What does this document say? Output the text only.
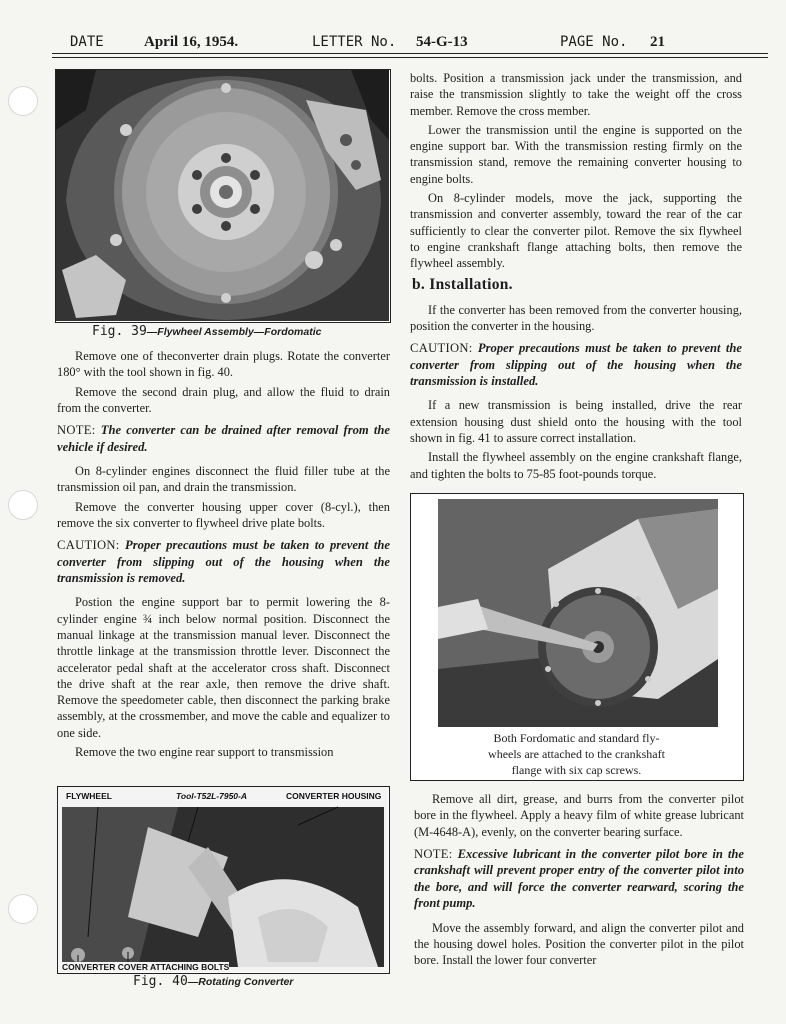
DATE	April 16, 1954.	LETTER No. 54-G-13	PAGE No. 21
Fig. 39—Flywheel Assembly—Fordomatic

Remove one of theconverter drain plugs. Rotate the converter 180° with the tool shown in fig. 40.

Remove the second drain plug, and allow the fluid to drain from the converter.

NOTE: The converter can be drained after removal from the vehicle if desired.

On 8-cylinder engines disconnect the fluid filler tube at the transmission oil pan, and drain the transmission.

Remove the converter housing upper cover (8-cyl.), then remove the six converter to flywheel drive plate bolts.

CAUTION: Proper precautions must be taken to prevent the converter from slipping out of the housing when the transmission is removed.

Postion the engine support bar to permit lowering the 8-cylinder engine ¾ inch below normal position. Disconnect the manual linkage at the transmission manual lever. Disconnect the throttle linkage at the transmission throttle lever. Disconnect the accelerator pedal shaft at the accelerator cross shaft. Disconnect the drive shaft at the rear axle, then remove the drive shaft. Remove the speedometer cable, then disconnect the parking brake assembly, at the crossmember, and move the cable and equalizer to one side.

Remove the two engine rear support to transmission

FLYWHEEL	Tool-T52L-7950-A	CONVERTER HOUSING
CONVERTER COVER ATTACHING BOLTS
Fig. 40—Rotating Converter

bolts. Position a transmission jack under the transmission, and raise the transmission slightly to take the weight off the cross member. Remove the cross member.

Lower the transmission until the engine is supported on the engine support bar. With the transmission resting firmly on the transmission stand, remove the remaining converter housing to engine bolts.

On 8-cylinder models, move the jack, supporting the transmission and converter assembly, toward the rear of the car sufficiently to clear the converter pilot. Remove the six flywheel to engine crankshaft flange attaching bolts, then remove the flywheel assembly.

b. Installation.

If the converter has been removed from the converter housing, position the converter in the housing.

CAUTION: Proper precautions must be taken to prevent the converter from slipping out of the housing when the transmission is installed.

If a new transmission is being installed, drive the rear extension housing dust shield onto the housing with the tool shown in fig. 41 to assure correct installation.

Install the flywheel assembly on the engine crankshaft flange, and tighten the bolts to 75-85 foot-pounds torque.

Both Fordomatic and standard fly-
wheels are attached to the crankshaft
flange with six cap screws.

Remove all dirt, grease, and burrs from the converter pilot bore in the flywheel. Apply a heavy film of white grease lubricant (M-4648-A), evenly, on the converter bearing surface.

NOTE: Excessive lubricant in the converter pilot bore in the crankshaft will prevent proper entry of the converter pilot into the bore, and will force the converter rearward, scoring the front pump.

Move the assembly forward, and align the converter pilot and the housing dowel holes. Position the converter pilot in the pilot bore. Install the lower four converter
